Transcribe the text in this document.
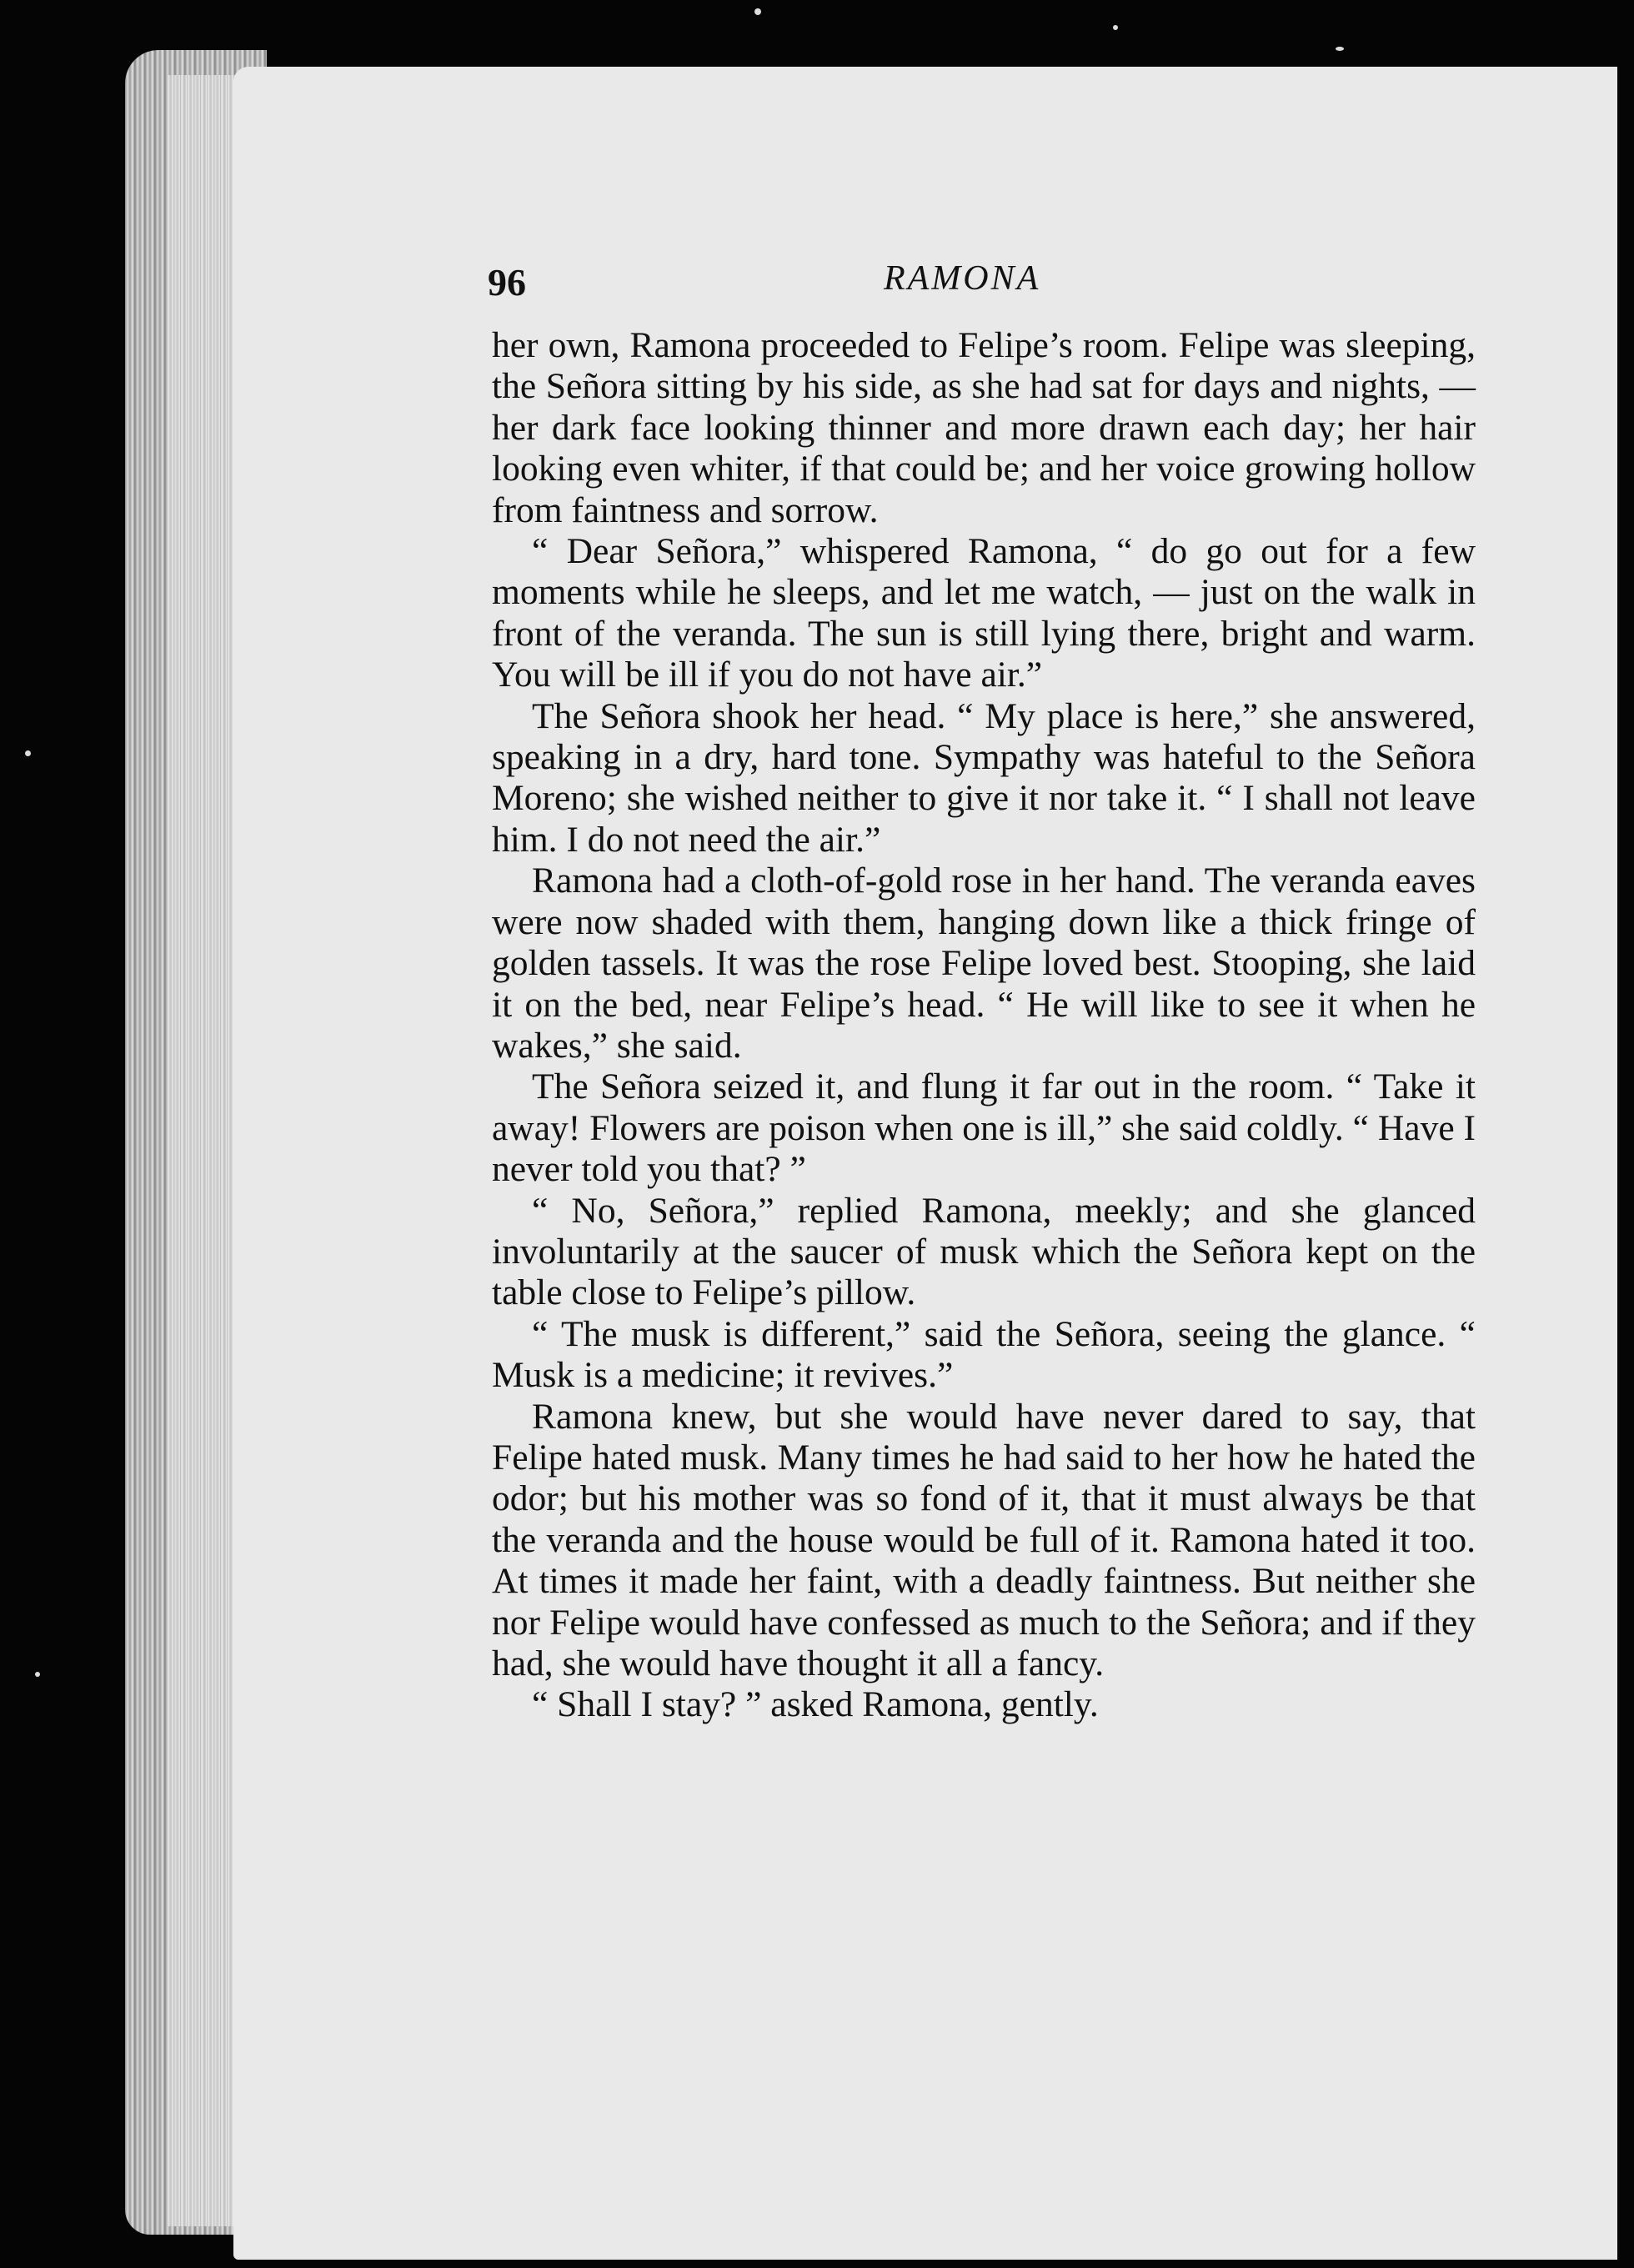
96	RAMONA

her own, Ramona proceeded to Felipe’s room. Felipe was sleeping, the Señora sitting by his side, as she had sat for days and nights, — her dark face looking thinner and more drawn each day; her hair looking even whiter, if that could be; and her voice growing hollow from faintness and sorrow.

“ Dear Señora,” whispered Ramona, “ do go out for a few moments while he sleeps, and let me watch, — just on the walk in front of the veranda. The sun is still lying there, bright and warm. You will be ill if you do not have air.”

The Señora shook her head. “ My place is here,” she answered, speaking in a dry, hard tone. Sympathy was hateful to the Señora Moreno; she wished neither to give it nor take it. “ I shall not leave him. I do not need the air.”

Ramona had a cloth-of-gold rose in her hand. The veranda eaves were now shaded with them, hanging down like a thick fringe of golden tassels. It was the rose Felipe loved best. Stooping, she laid it on the bed, near Felipe’s head. “ He will like to see it when he wakes,” she said.

The Señora seized it, and flung it far out in the room. “ Take it away! Flowers are poison when one is ill,” she said coldly. “ Have I never told you that? ”

“ No, Señora,” replied Ramona, meekly; and she glanced involuntarily at the saucer of musk which the Señora kept on the table close to Felipe’s pillow.

“ The musk is different,” said the Señora, seeing the glance. “ Musk is a medicine; it revives.”

Ramona knew, but she would have never dared to say, that Felipe hated musk. Many times he had said to her how he hated the odor; but his mother was so fond of it, that it must always be that the veranda and the house would be full of it. Ramona hated it too. At times it made her faint, with a deadly faintness. But neither she nor Felipe would have confessed as much to the Señora; and if they had, she would have thought it all a fancy.

“ Shall I stay? ” asked Ramona, gently.
